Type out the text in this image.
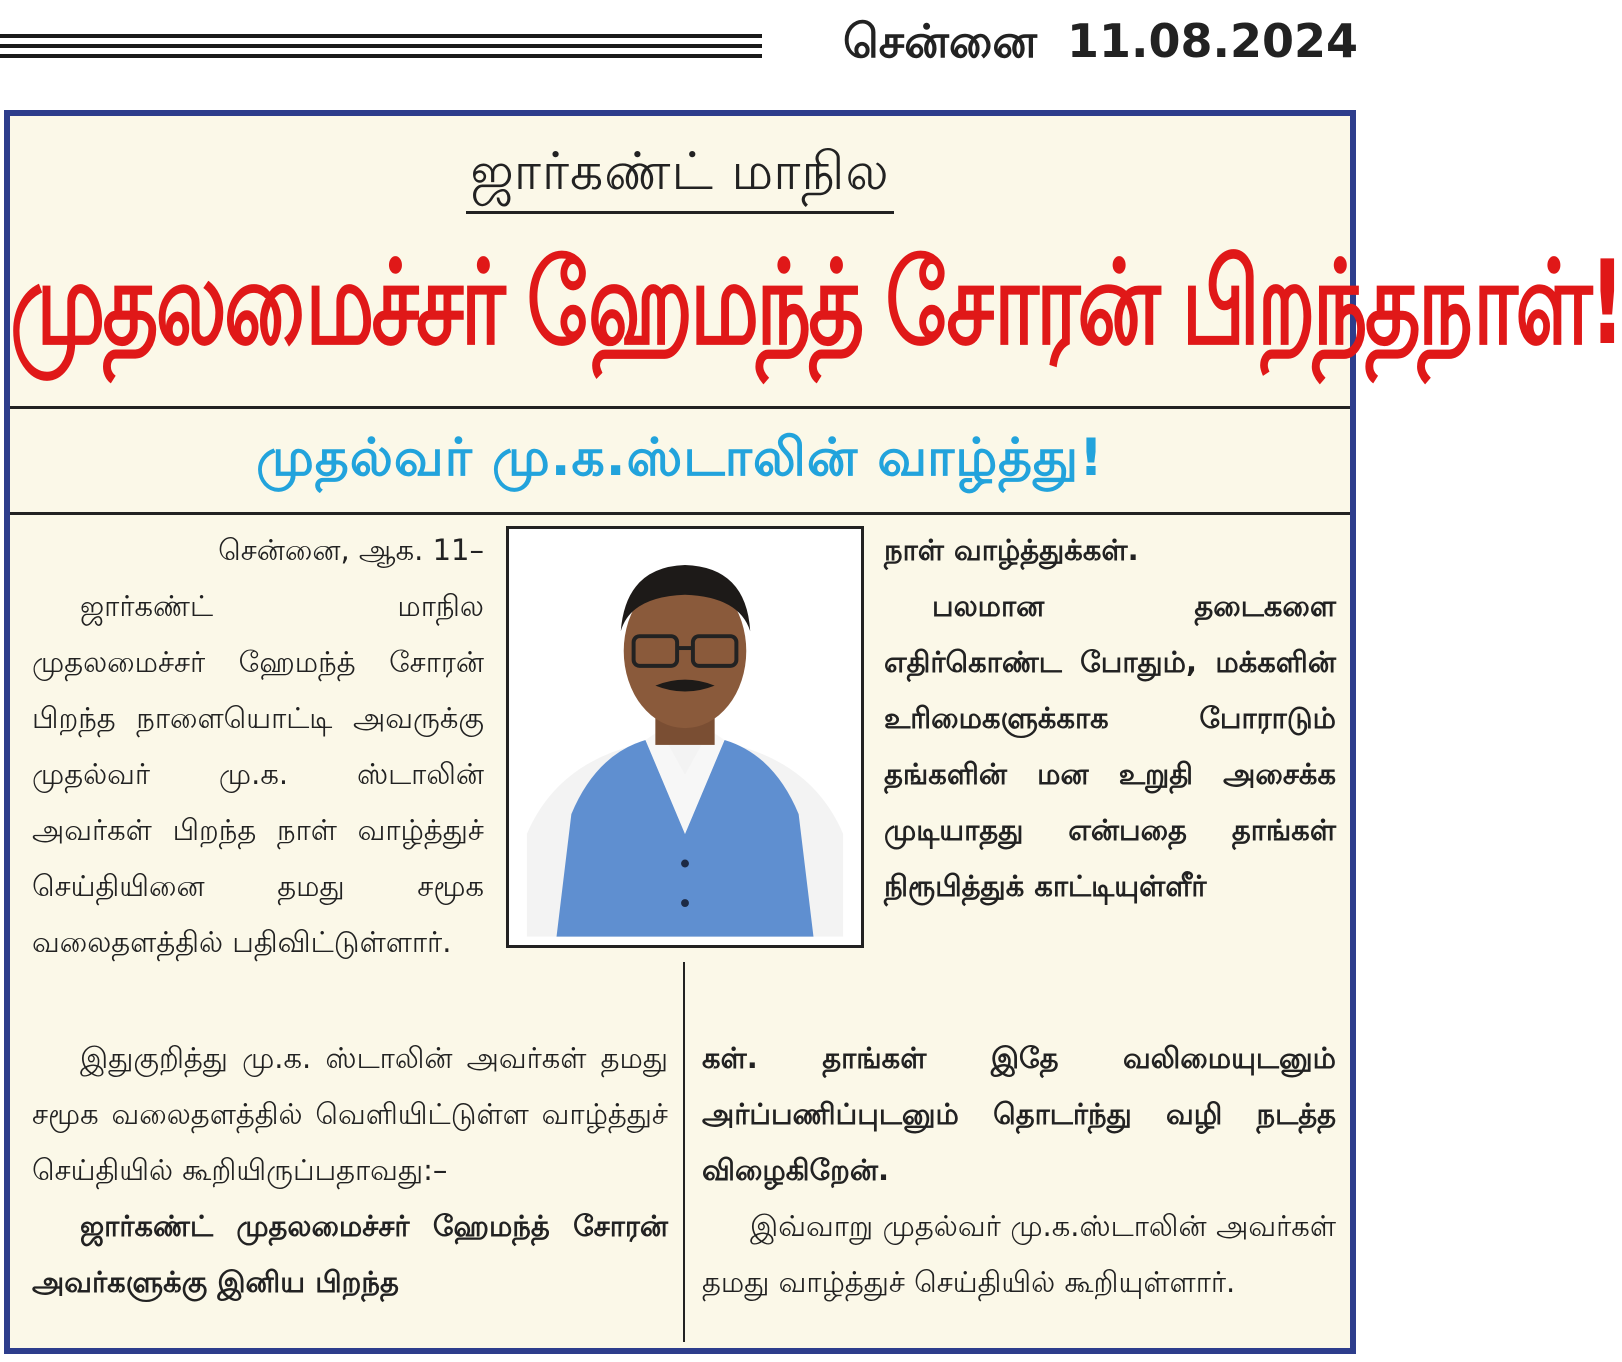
சென்னை 11.08.2024
ஜார்கண்ட் மாநில
முதலமைச்சர் ஹேமந்த் சோரன் பிறந்தநாள்!
முதல்வர் மு.க.ஸ்டாலின் வாழ்த்து!

சென்னை, ஆக. 11–

ஜார்கண்ட் மாநில முதலமைச்சர் ஹேமந்த் சோரன் பிறந்த நாளையொட்டி அவருக்கு முதல்வர் மு.க. ஸ்டாலின் அவர்கள் பிறந்த நாள் வாழ்த்துச் செய்தியினை தமது சமூக வலைதளத்தில் பதிவிட்டுள்ளார்.

நாள் வாழ்த்துக்கள்.

பலமான தடைகளை எதிர்கொண்ட போதும், மக்களின் உரிமைகளுக்காக போராடும் தங்களின் மன உறுதி அசைக்க முடியாதது என்பதை தாங்கள் நிரூபித்துக் காட்டியுள்ளீர்

இதுகுறித்து மு.க. ஸ்டாலின் அவர்கள் தமது சமூக வலைதளத்தில் வெளியிட்டுள்ள வாழ்த்துச் செய்தியில் கூறியிருப்பதாவது:–

ஜார்கண்ட் முதலமைச்சர் ஹேமந்த் சோரன் அவர்களுக்கு இனிய பிறந்த

கள். தாங்கள் இதே வலிமையுடனும் அர்ப்பணிப்புடனும் தொடர்ந்து வழி நடத்த விழைகிறேன்.

இவ்வாறு முதல்வர் மு.க.ஸ்டாலின் அவர்கள் தமது வாழ்த்துச் செய்தியில் கூறியுள்ளார்.
